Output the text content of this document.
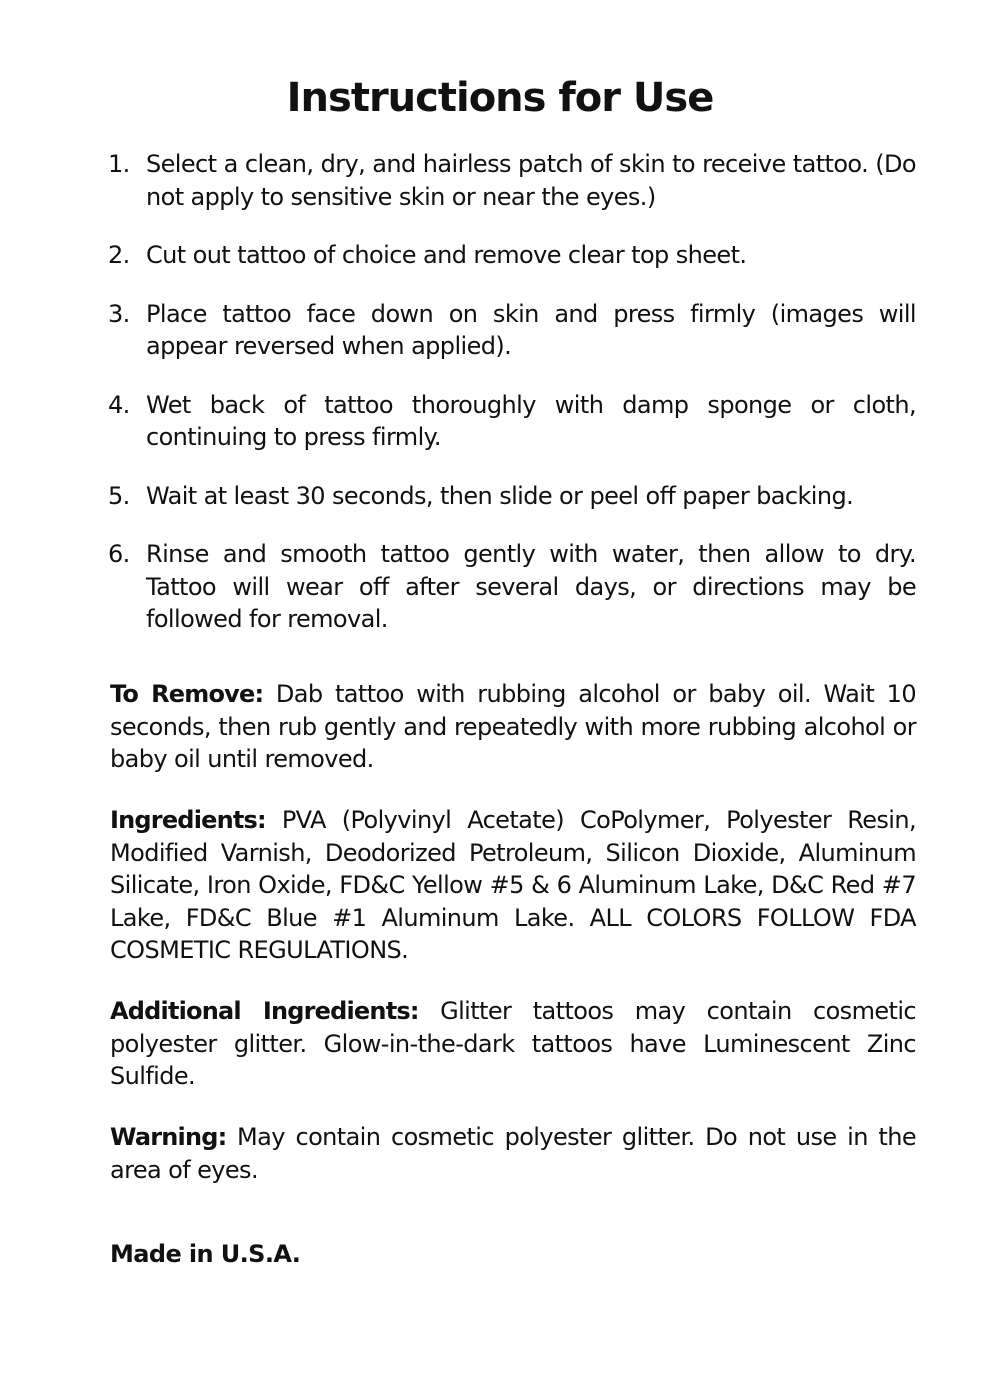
Instructions for Use
1. Select a clean, dry, and hairless patch of skin to receive tattoo. (Do not apply to sensitive skin or near the eyes.)
2. Cut out tattoo of choice and remove clear top sheet.
3. Place tattoo face down on skin and press firmly (images will appear reversed when applied).
4. Wet back of tattoo thoroughly with damp sponge or cloth, continuing to press firmly.
5. Wait at least 30 seconds, then slide or peel off paper backing.
6. Rinse and smooth tattoo gently with water, then allow to dry. Tattoo will wear off after several days, or directions may be followed for removal.

To Remove: Dab tattoo with rubbing alcohol or baby oil. Wait 10 seconds, then rub gently and repeatedly with more rubbing alcohol or baby oil until removed.

Ingredients: PVA (Polyvinyl Acetate) CoPolymer, Polyester Resin, Modified Varnish, Deodorized Petroleum, Silicon Dioxide, Aluminum Silicate, Iron Oxide, FD&C Yellow #5 & 6 Aluminum Lake, D&C Red #7 Lake, FD&C Blue #1 Aluminum Lake. ALL COLORS FOLLOW FDA COSMETIC REGULATIONS.

Additional Ingredients: Glitter tattoos may contain cosmetic polyester glitter. Glow-in-the-dark tattoos have Luminescent Zinc Sulfide.

Warning: May contain cosmetic polyester glitter. Do not use in the area of eyes.

Made in U.S.A.
